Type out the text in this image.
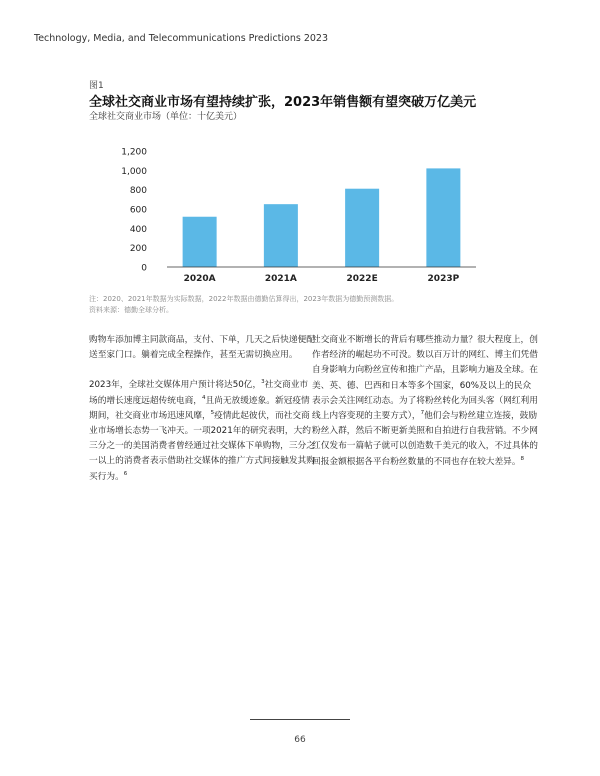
Technology, Media, and Telecommunications Predictions 2023
图1
全球社交商业市场有望持续扩张，2023年销售额有望突破万亿美元
全球社交商业市场（单位：十亿美元）
0
200
400
600
800
1,000
1,200
2020A	2021A	2022E	2023P
注：2020、2021年数据为实际数据，2022年数据由德勤估算得出，2023年数据为德勤预测数据。
资料来源：德勤全球分析。

购物车添加博主同款商品，支付、下单，几天之后快递便配送至家门口。躺着完成全程操作，甚至无需切换应用。

2023年，全球社交媒体用户预计将达50亿，$^3$社交商业市场的增长速度远超传统电商，$^4$且尚无放缓迹象。新冠疫情期间，社交商业市场迅速风靡，$^5$疫情此起彼伏，而社交商业市场增长态势一飞冲天。一项2021年的研究表明，大约三分之一的美国消费者曾经通过社交媒体下单购物，三分之一以上的消费者表示借助社交媒体的推广方式间接触发其购买行为。$^6$

社交商业不断增长的背后有哪些推动力量？很大程度上，创作者经济的崛起功不可没。数以百万计的网红、博主们凭借自身影响力向粉丝宣传和推广产品，且影响力遍及全球。在美、英、德、巴西和日本等多个国家，60%及以上的民众表示会关注网红动态。为了将粉丝转化为回头客（网红利用线上内容变现的主要方式），$^7$他们会与粉丝建立连接，鼓励粉丝入群，然后不断更新美照和自拍进行自我营销。不少网红仅发布一篇帖子就可以创造数千美元的收入，不过具体的回报金额根据各平台粉丝数量的不同也存在较大差异。$^8$

66
